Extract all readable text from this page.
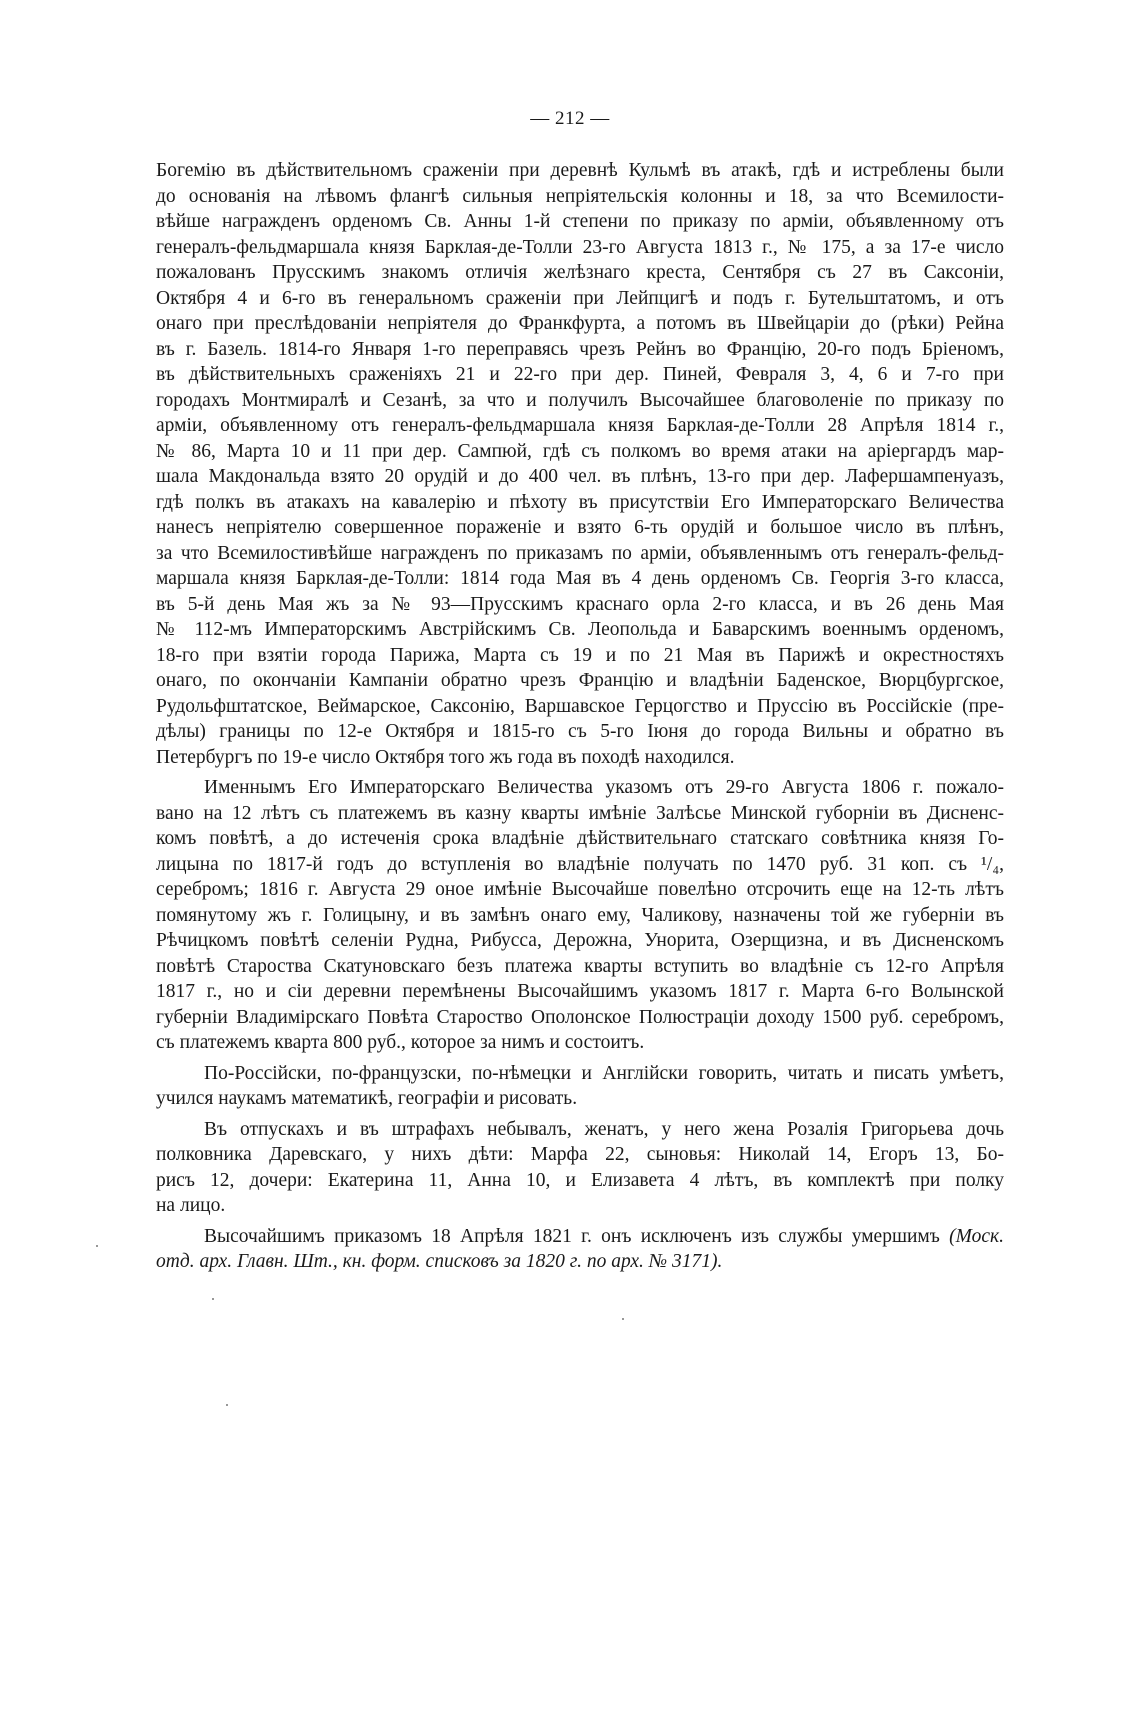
— 212 —
Богемію въ дѣйствительномъ сраженіи при деревнѣ Кульмѣ въ атакѣ, гдѣ и истреблены были
до основанія на лѣвомъ флангѣ сильныя непріятельскія колонны и 18, за что Всемилости-
вѣйше награжденъ орденомъ Св. Анны 1-й степени по приказу по арміи, объявленному отъ
генералъ-фельдмаршала князя Барклая-де-Толли 23-го Августа 1813 г., № 175, а за 17-е число
пожалованъ Прусскимъ знакомъ отличія желѣзнаго креста, Сентября съ 27 въ Саксоніи,
Октября 4 и 6-го въ генеральномъ сраженіи при Лейпцигѣ и подъ г. Бутельштатомъ, и отъ
онаго при преслѣдованіи непріятеля до Франкфурта, а потомъ въ Швейцаріи до (рѣки) Рейна
въ г. Базель. 1814-го Января 1-го переправясь чрезъ Рейнъ во Францію, 20-го подъ Бріеномъ,
въ дѣйствительныхъ сраженіяхъ 21 и 22-го при дер. Пиней, Февраля 3, 4, 6 и 7-го при
городахъ Монтмиралѣ и Сезанѣ, за что и получилъ Высочайшее благоволеніе по приказу по
арміи, объявленному отъ генералъ-фельдмаршала князя Барклая-де-Толли 28 Апрѣля 1814 г.,
№ 86, Марта 10 и 11 при дер. Сампюй, гдѣ съ полкомъ во время атаки на аріергардъ мар-
шала Макдональда взято 20 орудій и до 400 чел. въ плѣнъ, 13-го при дер. Лафершампенуазъ,
гдѣ полкъ въ атакахъ на кавалерію и пѣхоту въ присутствіи Его Императорскаго Величества
нанесъ непріятелю совершенное пораженіе и взято 6-ть орудій и большое число въ плѣнъ,
за что Всемилостивѣйше награжденъ по приказамъ по арміи, объявленнымъ отъ генералъ-фельд-
маршала князя Барклая-де-Толли: 1814 года Мая въ 4 день орденомъ Св. Георгія 3-го класса,
въ 5-й день Мая жъ за № 93—Прусскимъ краснаго орла 2-го класса, и въ 26 день Мая
№ 112-мъ Императорскимъ Австрійскимъ Св. Леопольда и Баварскимъ военнымъ орденомъ,
18-го при взятіи города Парижа, Марта съ 19 и по 21 Мая въ Парижѣ и окрестностяхъ
онаго, по окончаніи Кампаніи обратно чрезъ Францію и владѣніи Баденское, Вюрцбургское,
Рудольфштатское, Веймарское, Саксонію, Варшавское Герцогство и Пруссію въ Россійскіе (пре-
дѣлы) границы по 12-е Октября и 1815-го съ 5-го Іюня до города Вильны и обратно въ
Петербургъ по 19-е число Октября того жъ года въ походѣ находился.
Именнымъ Его Императорскаго Величества указомъ отъ 29-го Августа 1806 г. пожало-
вано на 12 лѣтъ съ платежемъ въ казну кварты имѣніе Залѣсье Минской губорніи въ Дисненс-
комъ повѣтѣ, а до истеченія срока владѣніе дѣйствительнаго статскаго совѣтника князя Го-
лицына по 1817-й годъ до вступленія во владѣніе получать по 1470 руб. 31 коп. съ ¹/₄,
серебромъ; 1816 г. Августа 29 оное имѣніе Высочайше повелѣно отсрочить еще на 12-ть лѣтъ
помянутому жъ г. Голицыну, и въ замѣнъ онаго ему, Чаликову, назначены той же губерніи въ
Рѣчицкомъ повѣтѣ селеніи Рудна, Рибусса, Дерожна, Унорита, Озерщизна, и въ Дисненскомъ
повѣтѣ Староства Скатуновскаго безъ платежа кварты вступить во владѣніе съ 12-го Апрѣля
1817 г., но и сіи деревни перемѣнены Высочайшимъ указомъ 1817 г. Марта 6-го Волынской
губерніи Владимірскаго Повѣта Староство Ополонское Полюстраціи доходу 1500 руб. серебромъ,
съ платежемъ кварта 800 руб., которое за нимъ и состоитъ.
По-Россійски, по-французски, по-нѣмецки и Англійски говорить, читать и писать умѣетъ,
учился наукамъ математикѣ, географіи и рисовать.
Въ отпускахъ и въ штрафахъ небывалъ, женатъ, у него жена Розалія Григорьева дочь
полковника Даревскаго, у нихъ дѣти: Марфа 22, сыновья: Николай 14, Егоръ 13, Бо-
рисъ 12, дочери: Екатерина 11, Анна 10, и Елизавета 4 лѣтъ, въ комплектѣ при полку
на лицо.
Высочайшимъ приказомъ 18 Апрѣля 1821 г. онъ исключенъ изъ службы умершимъ (Моск.
отд. арх. Главн. Шт., кн. форм. списковъ за 1820 г. по арх. № 3171).
